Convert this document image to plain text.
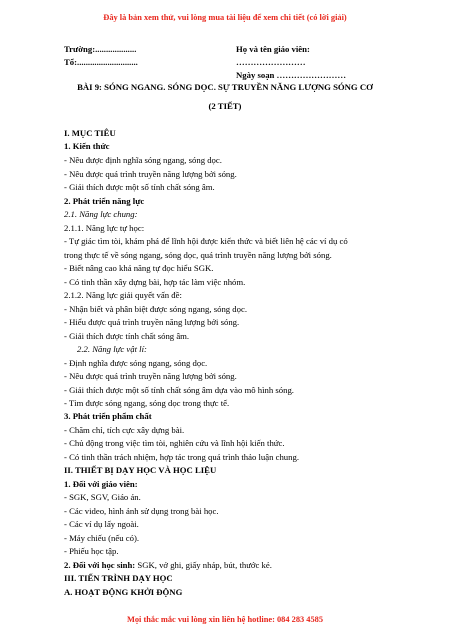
Đây là bản xem thử, vui lòng mua tài liệu để xem chi tiết (có lời giải)
Trường:...................	Họ và tên giáo viên:
Tổ:............................	……………………
Ngày soạn ……………………
BÀI 9: SÓNG NGANG. SÓNG DỌC. SỰ TRUYỀN NĂNG LƯỢNG SÓNG CƠ
(2 TIẾT)
I. MỤC TIÊU
1. Kiến thức
- Nêu được định nghĩa sóng ngang, sóng dọc.
- Nêu được quá trình truyền năng lượng bởi sóng.
- Giải thích được một số tính chất sóng âm.
2. Phát triển năng lực
2.1. Năng lực chung:
2.1.1. Năng lực tự học:
- Tự giác tìm tòi, khám phá để lĩnh hội được kiến thức và biết liên hệ các ví dụ có
trong thực tế về sóng ngang, sóng dọc, quá trình truyền năng lượng bởi sóng.
- Biết nâng cao khả năng tự đọc hiểu SGK.
- Có tinh thần xây dựng bài, hợp tác làm việc nhóm.
2.1.2. Năng lực giải quyết vấn đề:
- Nhận biết và phân biệt được sóng ngang, sóng dọc.
- Hiểu được quá trình truyền năng lượng bởi sóng.
- Giải thích được tính chất sóng âm.
2.2. Năng lực vật lí:
- Định nghĩa được sóng ngang, sóng dọc.
- Nêu được quá trình truyền năng lượng bởi sóng.
- Giải thích được một số tính chất sóng âm dựa vào mô hình sóng.
- Tìm được sóng ngang, sóng dọc trong thực tế.
3. Phát triển phẩm chất
- Chăm chỉ, tích cực xây dựng bài.
- Chủ động trong việc tìm tòi, nghiên cứu và lĩnh hội kiến thức.
- Có tinh thần trách nhiệm, hợp tác trong quá trình thảo luận chung.
II. THIẾT BỊ DẠY HỌC VÀ HỌC LIỆU
1. Đối với giáo viên:
- SGK, SGV, Giáo án.
- Các video, hình ảnh sử dụng trong bài học.
- Các ví dụ lấy ngoài.
- Máy chiếu (nếu có).
- Phiếu học tập.
2. Đối với học sinh: SGK, vở ghi, giấy nháp, bút, thước kẻ.
III. TIẾN TRÌNH DẠY HỌC
A. HOẠT ĐỘNG KHỞI ĐỘNG
Mọi thắc mắc vui lòng xin liên hệ hotline: 084 283 4585
